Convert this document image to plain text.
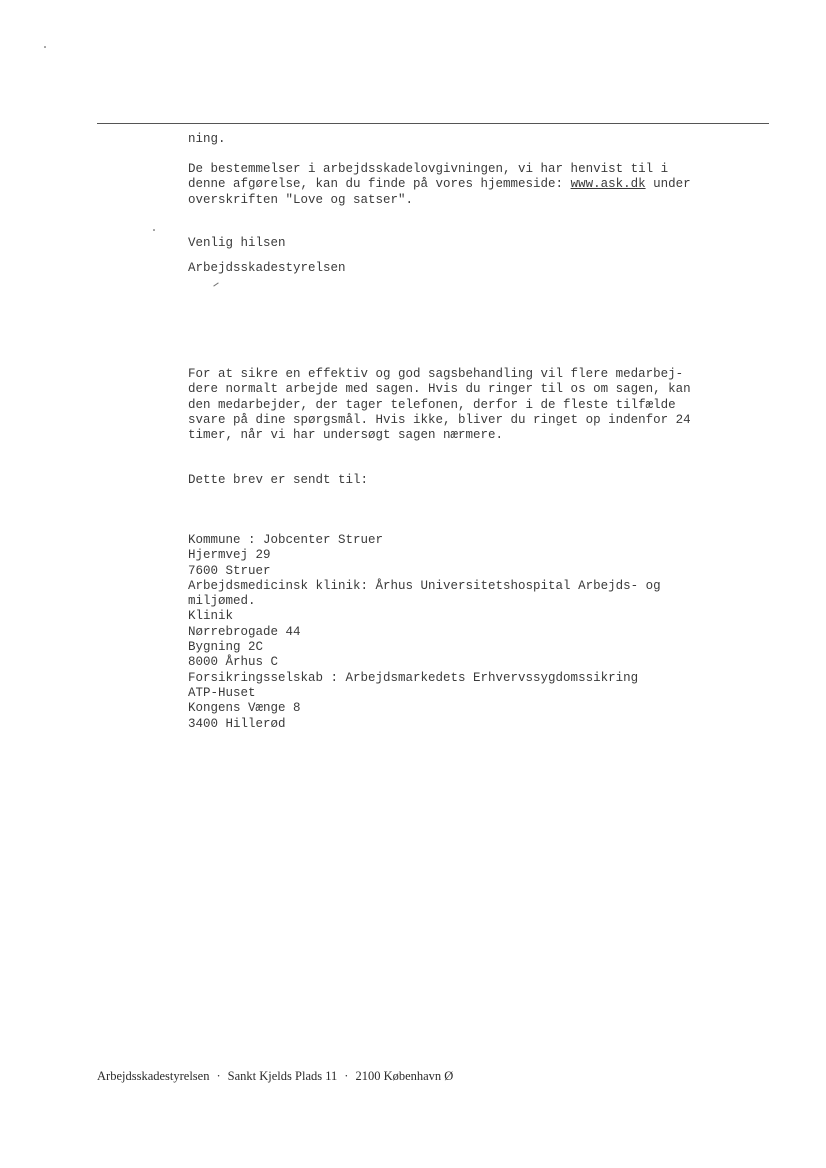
ning.

De bestemmelser i arbejdsskadelovgivningen, vi har henvist til i
denne afgørelse, kan du finde på vores hjemmeside: www.ask.dk under
overskriften "Love og satser".

Venlig hilsen

Arbejdsskadestyrelsen

For at sikre en effektiv og god sagsbehandling vil flere medarbej-
dere normalt arbejde med sagen. Hvis du ringer til os om sagen, kan
den medarbejder, der tager telefonen, derfor i de fleste tilfælde
svare på dine spørgsmål. Hvis ikke, bliver du ringet op indenfor 24
timer, når vi har undersøgt sagen nærmere.

Dette brev er sendt til:

Kommune : Jobcenter Struer
Hjermvej 29
7600 Struer
Arbejdsmedicinsk klinik: Århus Universitetshospital Arbejds- og
miljømed.
Klinik
Nørrebrogade 44
Bygning 2C
8000 Århus C
Forsikringsselskab : Arbejdsmarkedets Erhvervssygdomssikring
ATP-Huset
Kongens Vænge 8
3400 Hillerød

Arbejdsskadestyrelsen · Sankt Kjelds Plads 11 · 2100 København Ø
